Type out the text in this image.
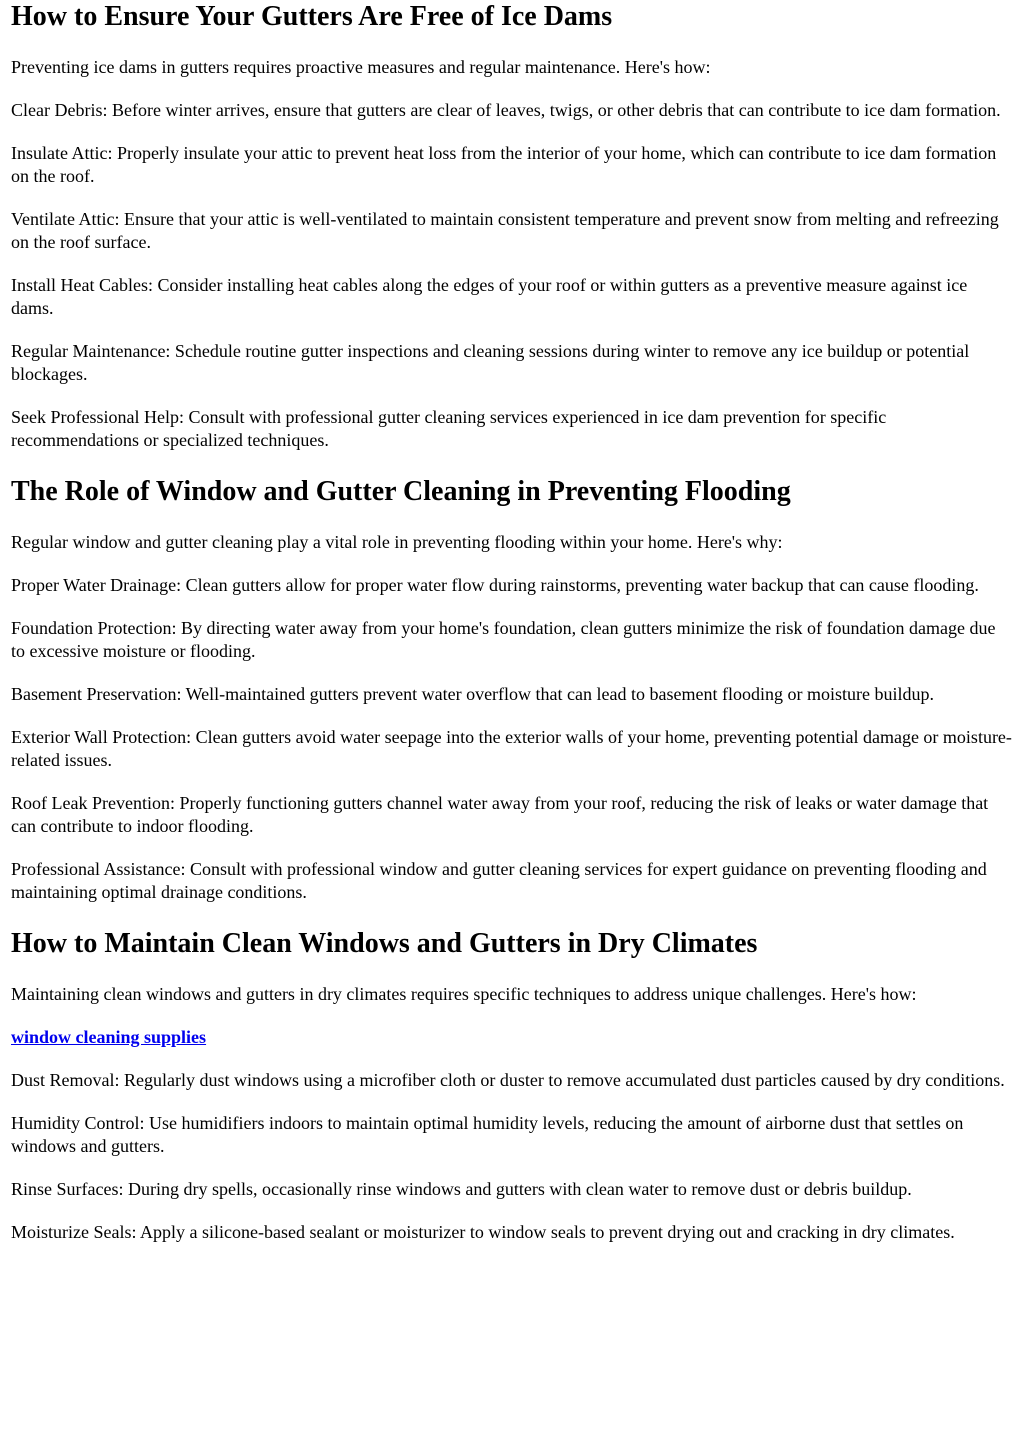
How to Ensure Your Gutters Are Free of Ice Dams

Preventing ice dams in gutters requires proactive measures and regular maintenance. Here's how:

Clear Debris: Before winter arrives, ensure that gutters are clear of leaves, twigs, or other debris that can contribute to ice dam formation.

Insulate Attic: Properly insulate your attic to prevent heat loss from the interior of your home, which can contribute to ice dam formation on the roof.

Ventilate Attic: Ensure that your attic is well-ventilated to maintain consistent temperature and prevent snow from melting and refreezing on the roof surface.

Install Heat Cables: Consider installing heat cables along the edges of your roof or within gutters as a preventive measure against ice dams.

Regular Maintenance: Schedule routine gutter inspections and cleaning sessions during winter to remove any ice buildup or potential blockages.

Seek Professional Help: Consult with professional gutter cleaning services experienced in ice dam prevention for specific recommendations or specialized techniques.

The Role of Window and Gutter Cleaning in Preventing Flooding

Regular window and gutter cleaning play a vital role in preventing flooding within your home. Here's why:

Proper Water Drainage: Clean gutters allow for proper water flow during rainstorms, preventing water backup that can cause flooding.

Foundation Protection: By directing water away from your home's foundation, clean gutters minimize the risk of foundation damage due to excessive moisture or flooding.

Basement Preservation: Well-maintained gutters prevent water overflow that can lead to basement flooding or moisture buildup.

Exterior Wall Protection: Clean gutters avoid water seepage into the exterior walls of your home, preventing potential damage or moisture-related issues.

Roof Leak Prevention: Properly functioning gutters channel water away from your roof, reducing the risk of leaks or water damage that can contribute to indoor flooding.

Professional Assistance: Consult with professional window and gutter cleaning services for expert guidance on preventing flooding and maintaining optimal drainage conditions.

How to Maintain Clean Windows and Gutters in Dry Climates

Maintaining clean windows and gutters in dry climates requires specific techniques to address unique challenges. Here's how:

window cleaning supplies

Dust Removal: Regularly dust windows using a microfiber cloth or duster to remove accumulated dust particles caused by dry conditions.

Humidity Control: Use humidifiers indoors to maintain optimal humidity levels, reducing the amount of airborne dust that settles on windows and gutters.

Rinse Surfaces: During dry spells, occasionally rinse windows and gutters with clean water to remove dust or debris buildup.

Moisturize Seals: Apply a silicone-based sealant or moisturizer to window seals to prevent drying out and cracking in dry climates.
